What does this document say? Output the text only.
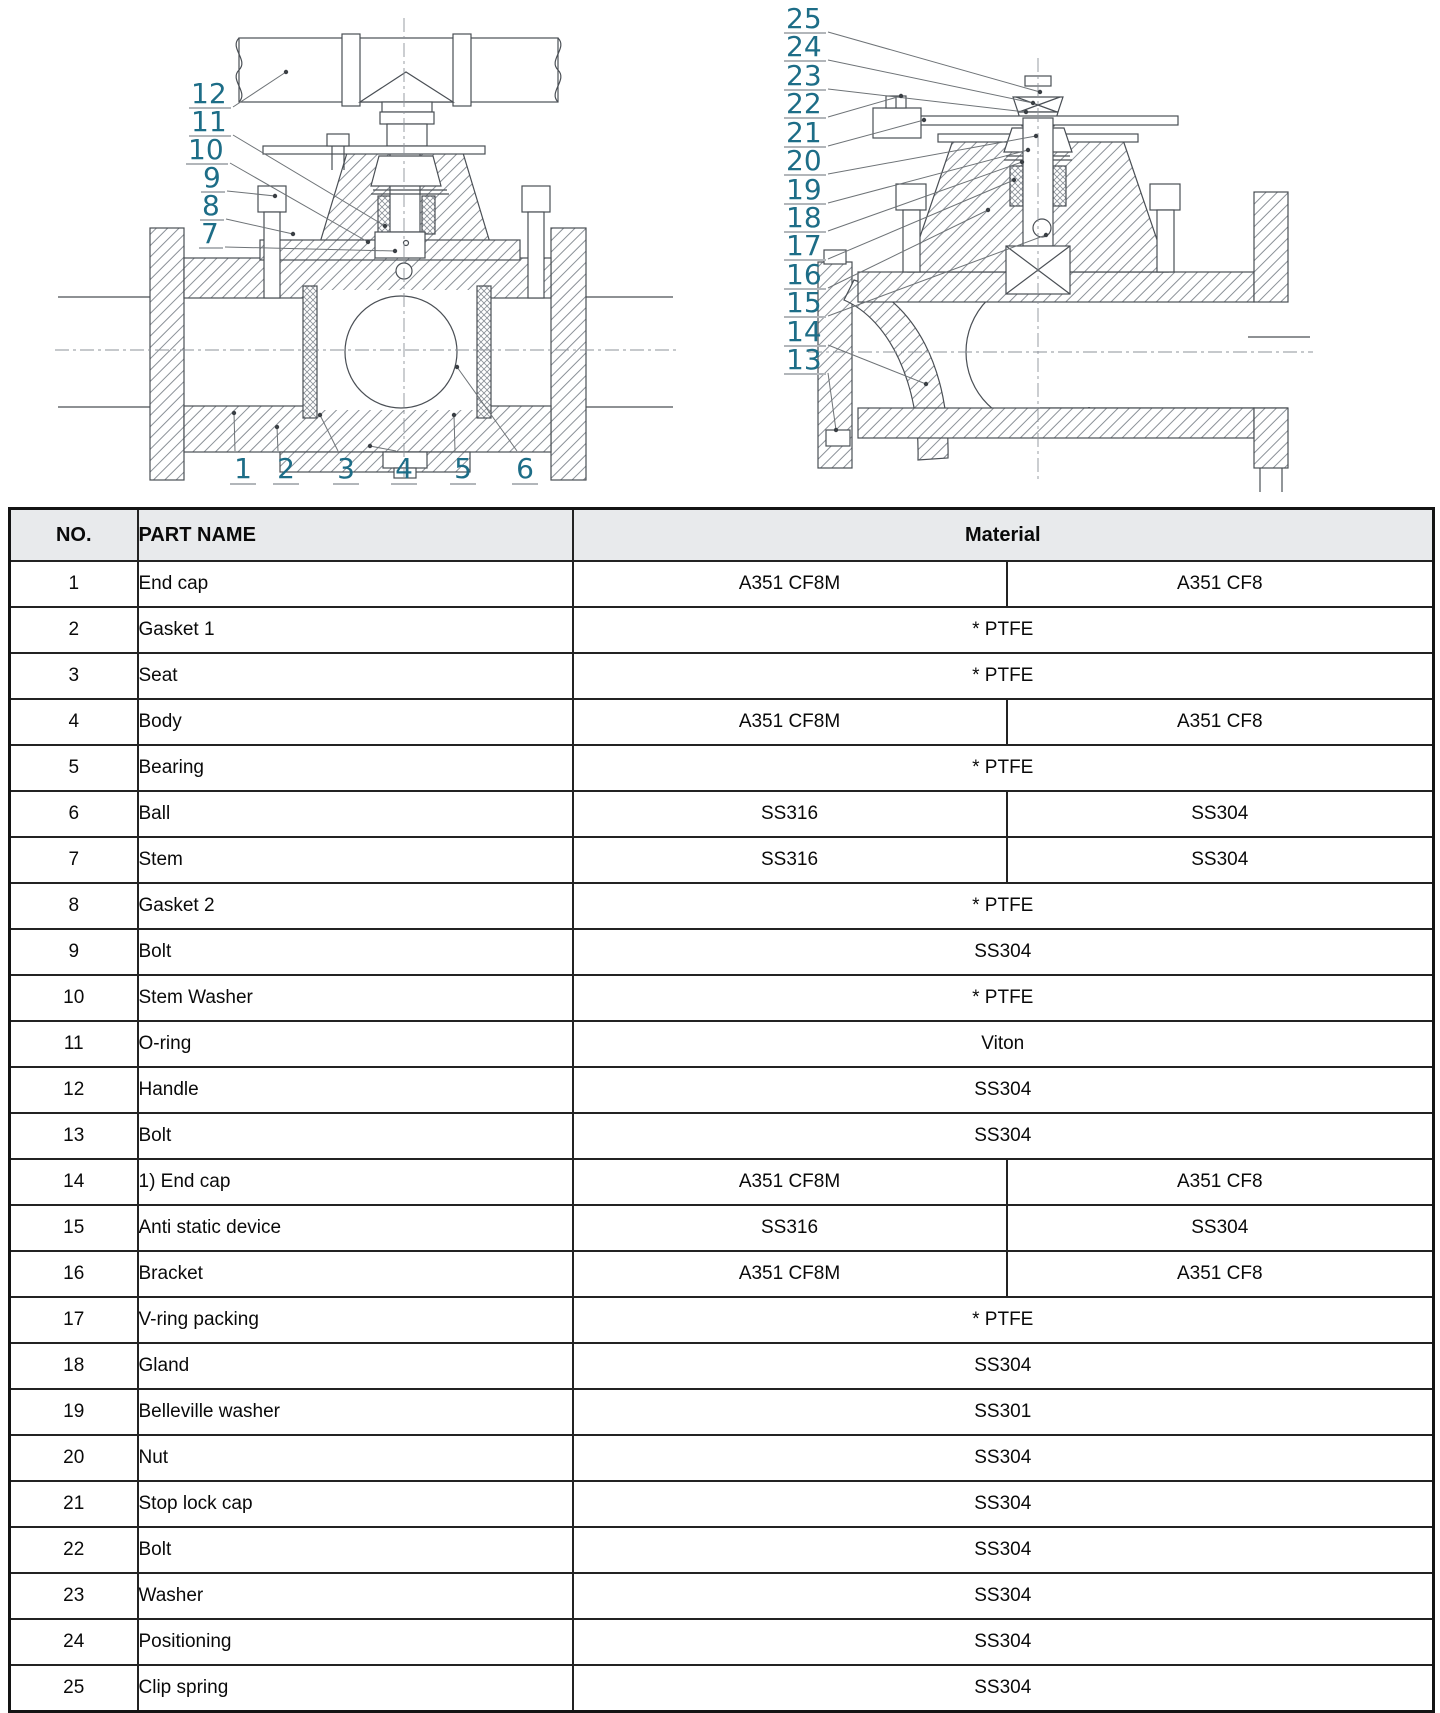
12
11
10
9
8
7
1 2 3 4 5 6
25
24
23
22
21
20
19
18
17
16
15
14
13
NO.	PART NAME	Material	
1	End cap	A351 CF8M	A351 CF8
2	Gasket 1	* PTFE	
3	Seat	* PTFE	
4	Body	A351 CF8M	A351 CF8
5	Bearing	* PTFE	
6	Ball	SS316	SS304
7	Stem	SS316	SS304
8	Gasket 2	* PTFE	
9	Bolt	SS304	
10	Stem Washer	* PTFE	
11	O-ring	Viton	
12	Handle	SS304	
13	Bolt	SS304	
14	1) End cap	A351 CF8M	A351 CF8
15	Anti static device	SS316	SS304
16	Bracket	A351 CF8M	A351 CF8
17	V-ring packing	* PTFE	
18	Gland	SS304	
19	Belleville washer	SS301	
20	Nut	SS304	
21	Stop lock cap	SS304	
22	Bolt	SS304	
23	Washer	SS304	
24	Positioning	SS304	
25	Clip spring	SS304	
